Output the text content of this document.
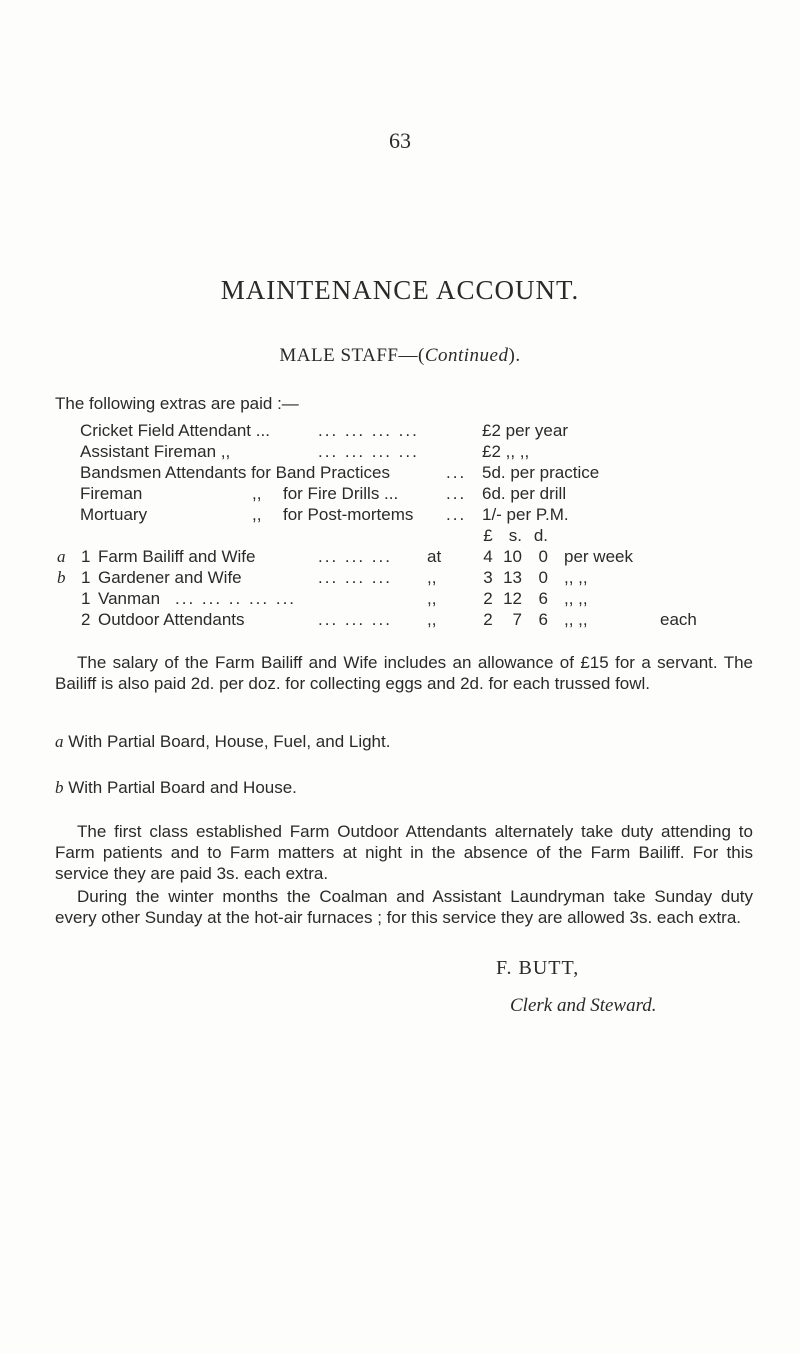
63
MAINTENANCE ACCOUNT.
MALE STAFF—(Continued).
The following extras are paid :—
Cricket Field Attendant ...	... ... ... ...	£2 per year
Assistant Fireman ,,	... ... ... ...	£2 ,, ,,
Bandsmen Attendants for Band Practices	... 5d. per practice
Fireman	,, for Fire Drills ...	... 6d. per drill
Mortuary	,, for Post-mortems ... 1/- per P.M.
£ s. d.
a 1 Farm Bailiff and Wife	... ... ... at 4 10 0 per week
b 1 Gardener and Wife	... ... ... ,,	3 13 0 ,, ,,
1 Vanman ... ... .. ... ...	,,	2 12 6 ,, ,,
2 Outdoor Attendants	... ... ... ,,	2	7 6 ,, ,,	each
The salary of the Farm Bailiff and Wife includes an allowance of £15 for a servant. The Bailiff is also paid 2d. per doz. for collecting eggs and 2d. for each trussed fowl.
a With Partial Board, House, Fuel, and Light.
b With Partial Board and House.
The first class established Farm Outdoor Attendants alternately take duty attending to Farm patients and to Farm matters at night in the absence of the Farm Bailiff. For this service they are paid 3s. each extra.
During the winter months the Coalman and Assistant Laundryman take Sunday duty every other Sunday at the hot-air furnaces ; for this service they are allowed 3s. each extra.
F. BUTT,
Clerk and Steward.
